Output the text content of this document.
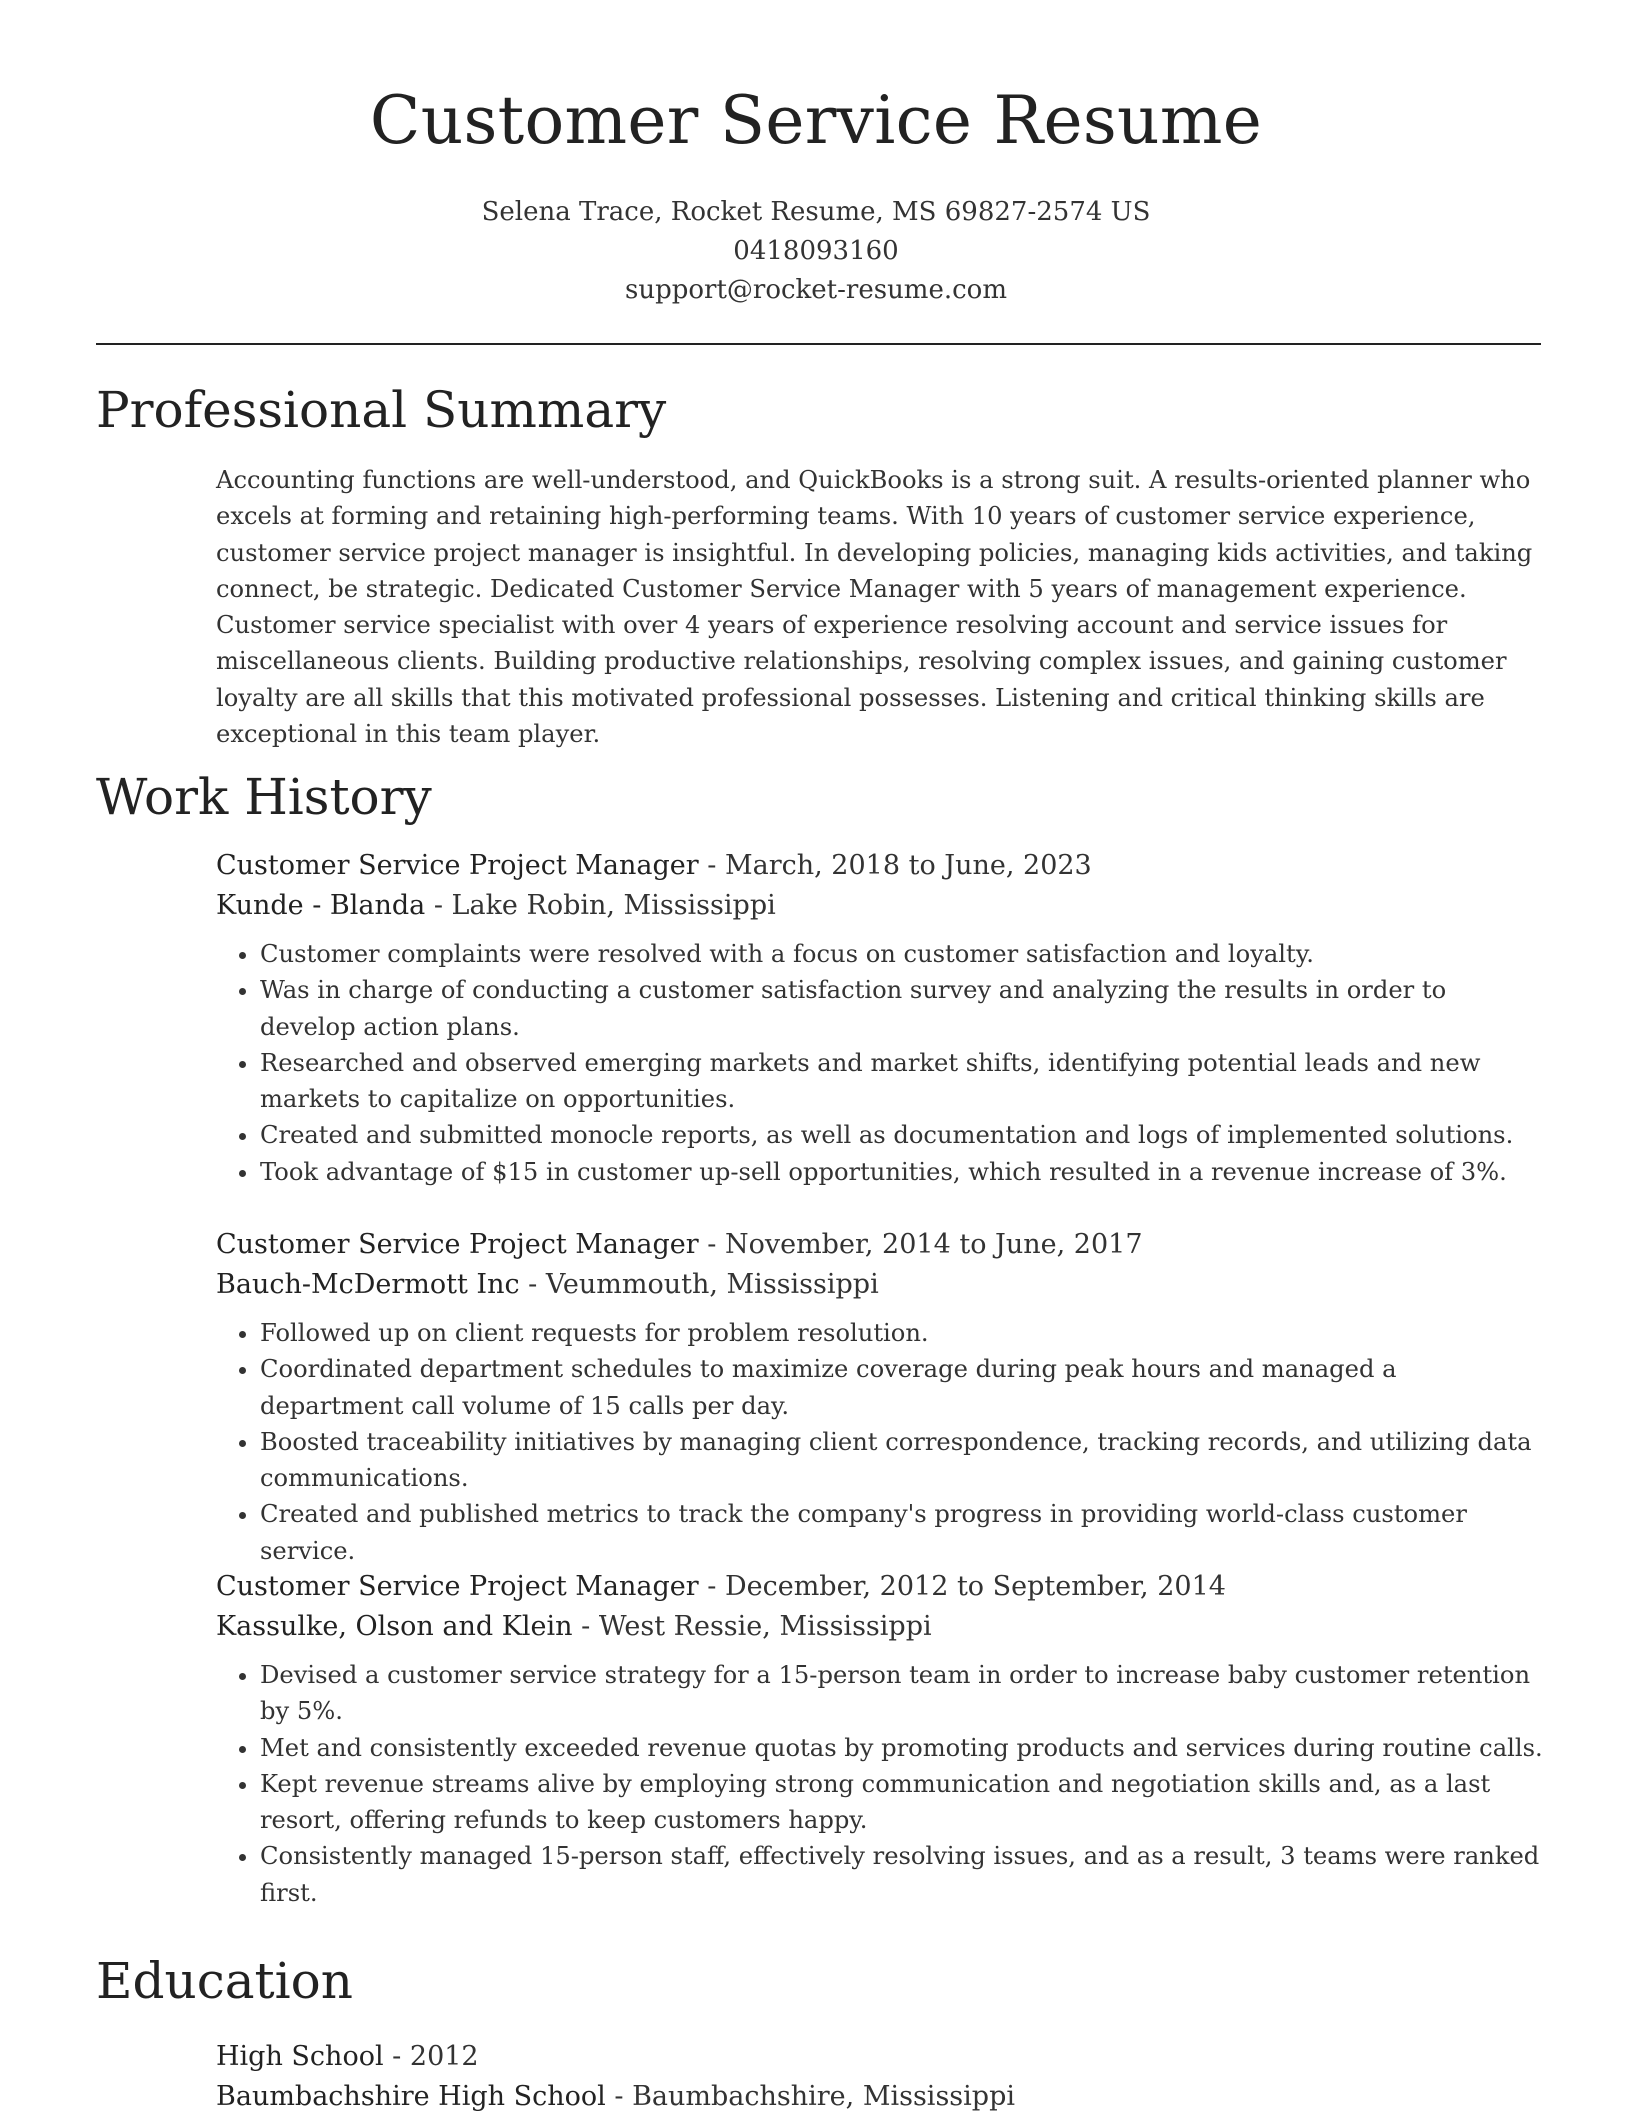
Customer Service Resume
Selena Trace, Rocket Resume, MS 69827-2574 US
0418093160
support@rocket-resume.com
Professional Summary
Accounting functions are well-understood, and QuickBooks is a strong suit. A results-oriented planner who excels at forming and retaining high-performing teams. With 10 years of customer service experience, customer service project manager is insightful. In developing policies, managing kids activities, and taking connect, be strategic. Dedicated Customer Service Manager with 5 years of management experience. Customer service specialist with over 4 years of experience resolving account and service issues for miscellaneous clients. Building productive relationships, resolving complex issues, and gaining customer loyalty are all skills that this motivated professional possesses. Listening and critical thinking skills are exceptional in this team player.
Work History
Customer Service Project Manager - March, 2018 to June, 2023
Kunde - Blanda - Lake Robin, Mississippi
• Customer complaints were resolved with a focus on customer satisfaction and loyalty.
• Was in charge of conducting a customer satisfaction survey and analyzing the results in order to develop action plans.
• Researched and observed emerging markets and market shifts, identifying potential leads and new markets to capitalize on opportunities.
• Created and submitted monocle reports, as well as documentation and logs of implemented solutions.
• Took advantage of $15 in customer up-sell opportunities, which resulted in a revenue increase of 3%.
Customer Service Project Manager - November, 2014 to June, 2017
Bauch-McDermott Inc - Veummouth, Mississippi
• Followed up on client requests for problem resolution.
• Coordinated department schedules to maximize coverage during peak hours and managed a department call volume of 15 calls per day.
• Boosted traceability initiatives by managing client correspondence, tracking records, and utilizing data communications.
• Created and published metrics to track the company's progress in providing world-class customer service.
Customer Service Project Manager - December, 2012 to September, 2014
Kassulke, Olson and Klein - West Ressie, Mississippi
• Devised a customer service strategy for a 15-person team in order to increase baby customer retention by 5%.
• Met and consistently exceeded revenue quotas by promoting products and services during routine calls.
• Kept revenue streams alive by employing strong communication and negotiation skills and, as a last resort, offering refunds to keep customers happy.
• Consistently managed 15-person staff, effectively resolving issues, and as a result, 3 teams were ranked first.
Education
High School - 2012
Baumbachshire High School - Baumbachshire, Mississippi
